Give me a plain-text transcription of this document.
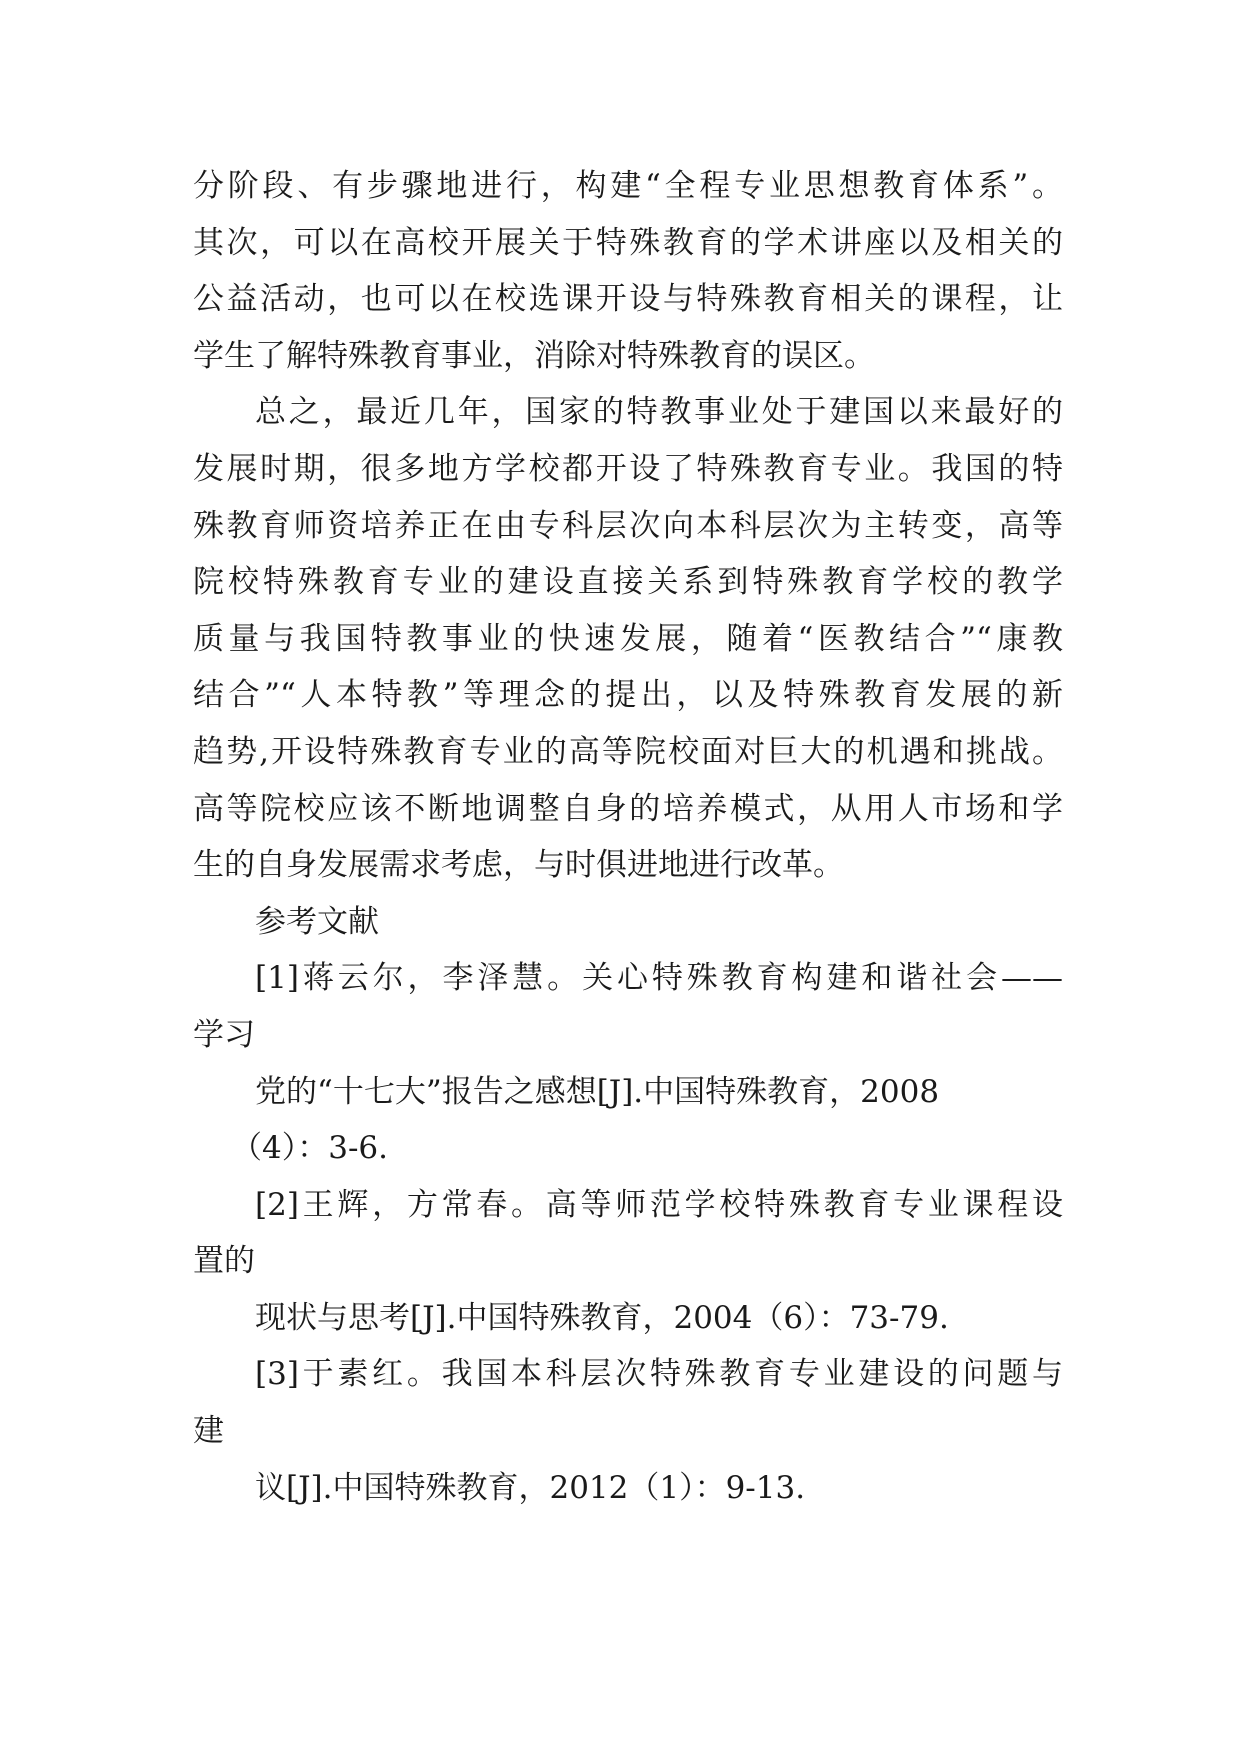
分阶段、有步骤地进行，构建“全程专业思想教育体系”。
其次，可以在高校开展关于特殊教育的学术讲座以及相关的
公益活动，也可以在校选课开设与特殊教育相关的课程，让
学生了解特殊教育事业，消除对特殊教育的误区。
总之，最近几年，国家的特教事业处于建国以来最好的
发展时期，很多地方学校都开设了特殊教育专业。我国的特
殊教育师资培养正在由专科层次向本科层次为主转变，高等
院校特殊教育专业的建设直接关系到特殊教育学校的教学
质量与我国特教事业的快速发展，随着“医教结合”“康教
结合”“人本特教”等理念的提出，以及特殊教育发展的新
趋势,开设特殊教育专业的高等院校面对巨大的机遇和挑战。
高等院校应该不断地调整自身的培养模式，从用人市场和学
生的自身发展需求考虑，与时俱进地进行改革。
参考文献
[1]蒋云尔，李泽慧。关心特殊教育构建和谐社会——
学习
党的“十七大”报告之感想[J].中国特殊教育，2008
（4）：3-6.
[2]王辉，方常春。高等师范学校特殊教育专业课程设
置的
现状与思考[J].中国特殊教育，2004（6）：73-79.
[3]于素红。我国本科层次特殊教育专业建设的问题与
建
议[J].中国特殊教育，2012（1）：9-13.
